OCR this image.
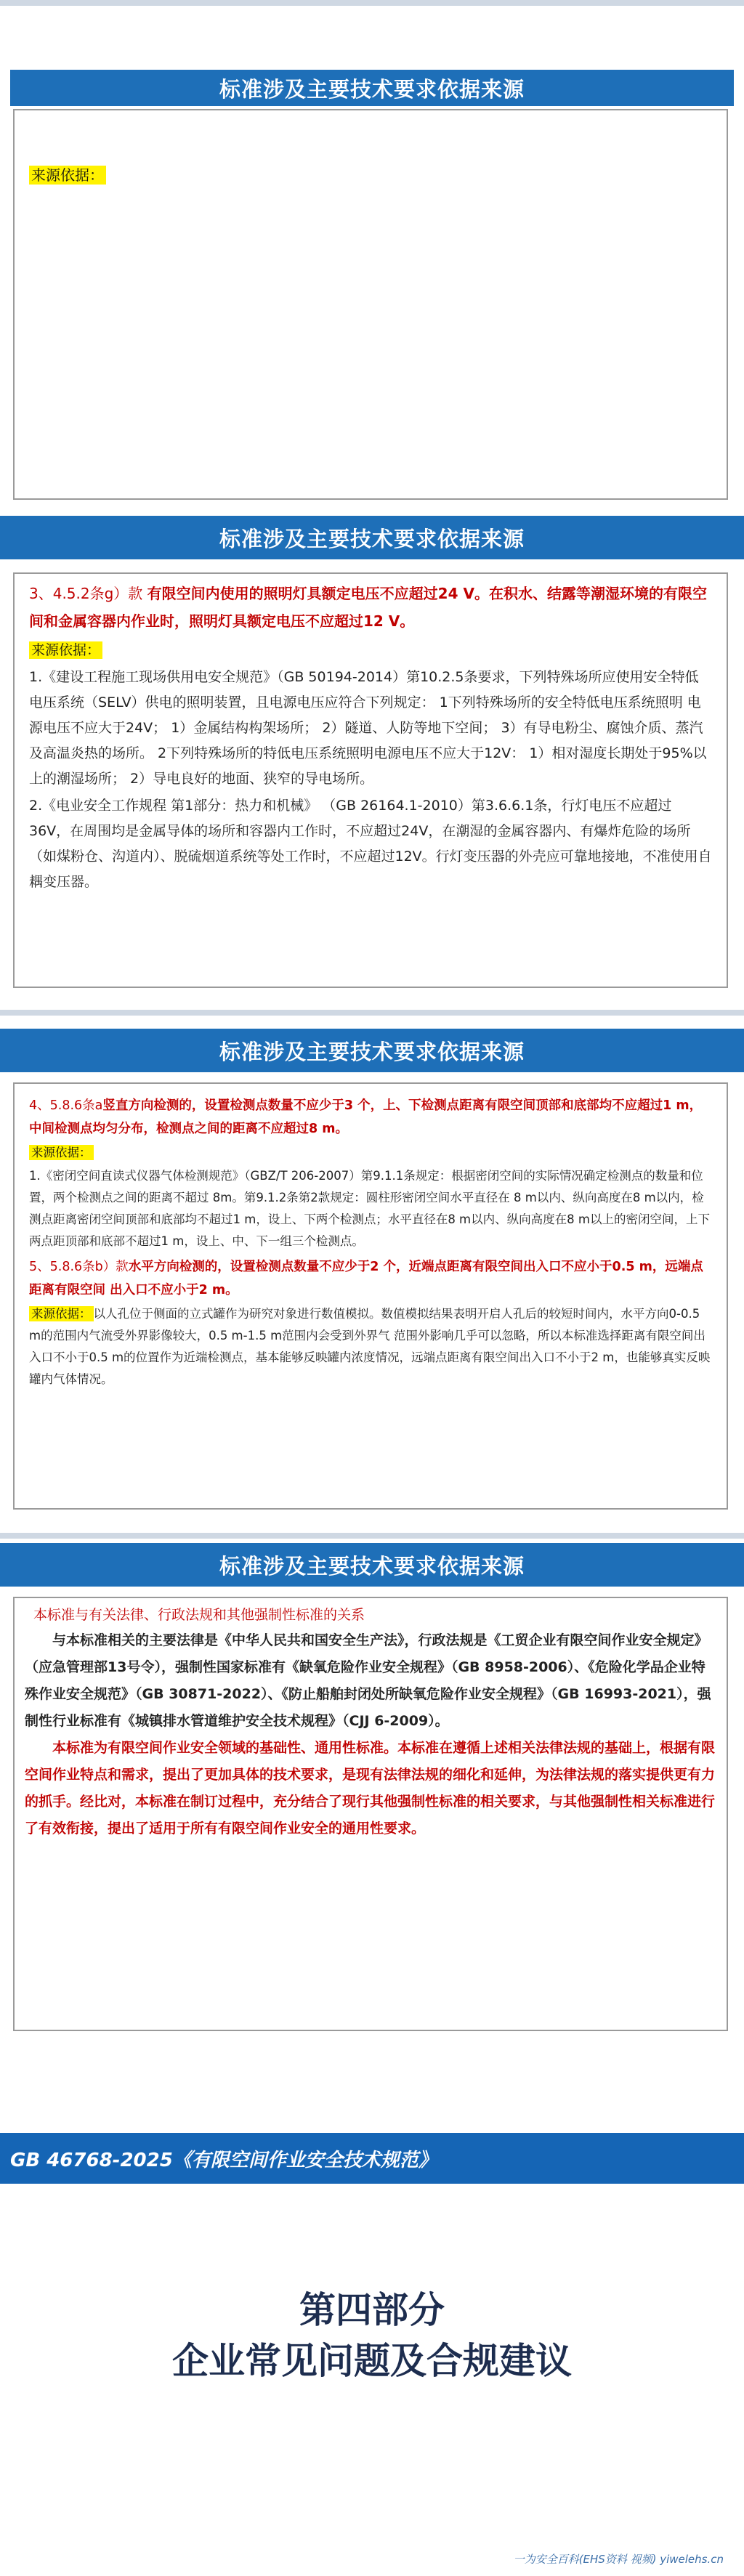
标准涉及主要技术要求依据来源
来源依据：
标准涉及主要技术要求依据来源

3、4.5.2条g）款 有限空间内使用的照明灯具额定电压不应超过24 V。在积水、结露等潮湿环境的有限空间和金属容器内作业时，照明灯具额定电压不应超过12 V。

来源依据：

1.《建设工程施工现场供用电安全规范》（GB 50194-2014）第10.2.5条要求，下列特殊场所应使用安全特低电压系统（SELV）供电的照明装置，且电源电压应符合下列规定： 1下列特殊场所的安全特低电压系统照明 电源电压不应大于24V； 1）金属结构构架场所； 2）隧道、人防等地下空间； 3）有导电粉尘、腐蚀介质、蒸汽及高温炎热的场所。 2下列特殊场所的特低电压系统照明电源电压不应大于12V： 1）相对湿度长期处于95%以上的潮湿场所； 2）导电良好的地面、狭窄的导电场所。

2.《电业安全工作规程 第1部分：热力和机械》 （GB 26164.1-2010）第3.6.6.1条，行灯电压不应超过36V，在周围均是金属导体的场所和容器内工作时，不应超过24V，在潮湿的金属容器内、有爆炸危险的场所（如煤粉仓、沟道内）、脱硫烟道系统等处工作时，不应超过12V。行灯变压器的外壳应可靠地接地，不准使用自耦变压器。

标准涉及主要技术要求依据来源

4、5.8.6条a竖直方向检测的，设置检测点数量不应少于3 个，上、下检测点距离有限空间顶部和底部均不应超过1 m，中间检测点均匀分布，检测点之间的距离不应超过8 m。

来源依据：

1.《密闭空间直读式仪器气体检测规范》（GBZ/T 206-2007）第9.1.1条规定：根据密闭空间的实际情况确定检测点的数量和位置，两个检测点之间的距离不超过 8m。第9.1.2条第2款规定：圆柱形密闭空间水平直径在 8 m以内、纵向高度在8 m以内，检测点距离密闭空间顶部和底部均不超过1 m，设上、下两个检测点；水平直径在8 m以内、纵向高度在8 m以上的密闭空间，上下两点距顶部和底部不超过1 m，设上、中、下一组三个检测点。

5、5.8.6条b）款水平方向检测的，设置检测点数量不应少于2 个，近端点距离有限空间出入口不应小于0.5 m，远端点距离有限空间 出入口不应小于2 m。

来源依据： 以人孔位于侧面的立式罐作为研究对象进行数值模拟。数值模拟结果表明开启人孔后的较短时间内，水平方向0-0.5 m的范围内气流受外界影像较大，0.5 m-1.5 m范围内会受到外界气 范围外影响几乎可以忽略，所以本标准选择距离有限空间出入口不小于0.5 m的位置作为近端检测点，基本能够反映罐内浓度情况，远端点距离有限空间出入口不小于2 m，也能够真实反映罐内气体情况。

标准涉及主要技术要求依据来源

本标准与有关法律、行政法规和其他强制性标准的关系

与本标准相关的主要法律是《中华人民共和国安全生产法》，行政法规是《工贸企业有限空间作业安全规定》（应急管理部13号令），强制性国家标准有《缺氧危险作业安全规程》（GB 8958-2006）、《危险化学品企业特殊作业安全规范》（GB 30871-2022）、《防止船舶封闭处所缺氧危险作业安全规程》（GB 16993-2021），强制性行业标准有《城镇排水管道维护安全技术规程》（CJJ 6-2009）。

本标准为有限空间作业安全领域的基础性、通用性标准。本标准在遵循上述相关法律法规的基础上，根据有限空间作业特点和需求，提出了更加具体的技术要求，是现有法律法规的细化和延伸，为法律法规的落实提供更有力的抓手。经比对，本标准在制订过程中，充分结合了现行其他强制性标准的相关要求，与其他强制性相关标准进行了有效衔接，提出了适用于所有有限空间作业安全的通用性要求。

GB 46768-2025《有限空间作业安全技术规范》
第四部分
企业常见问题及合规建议
一为安全百科(EHS资料 视频) yiwelehs.cn
